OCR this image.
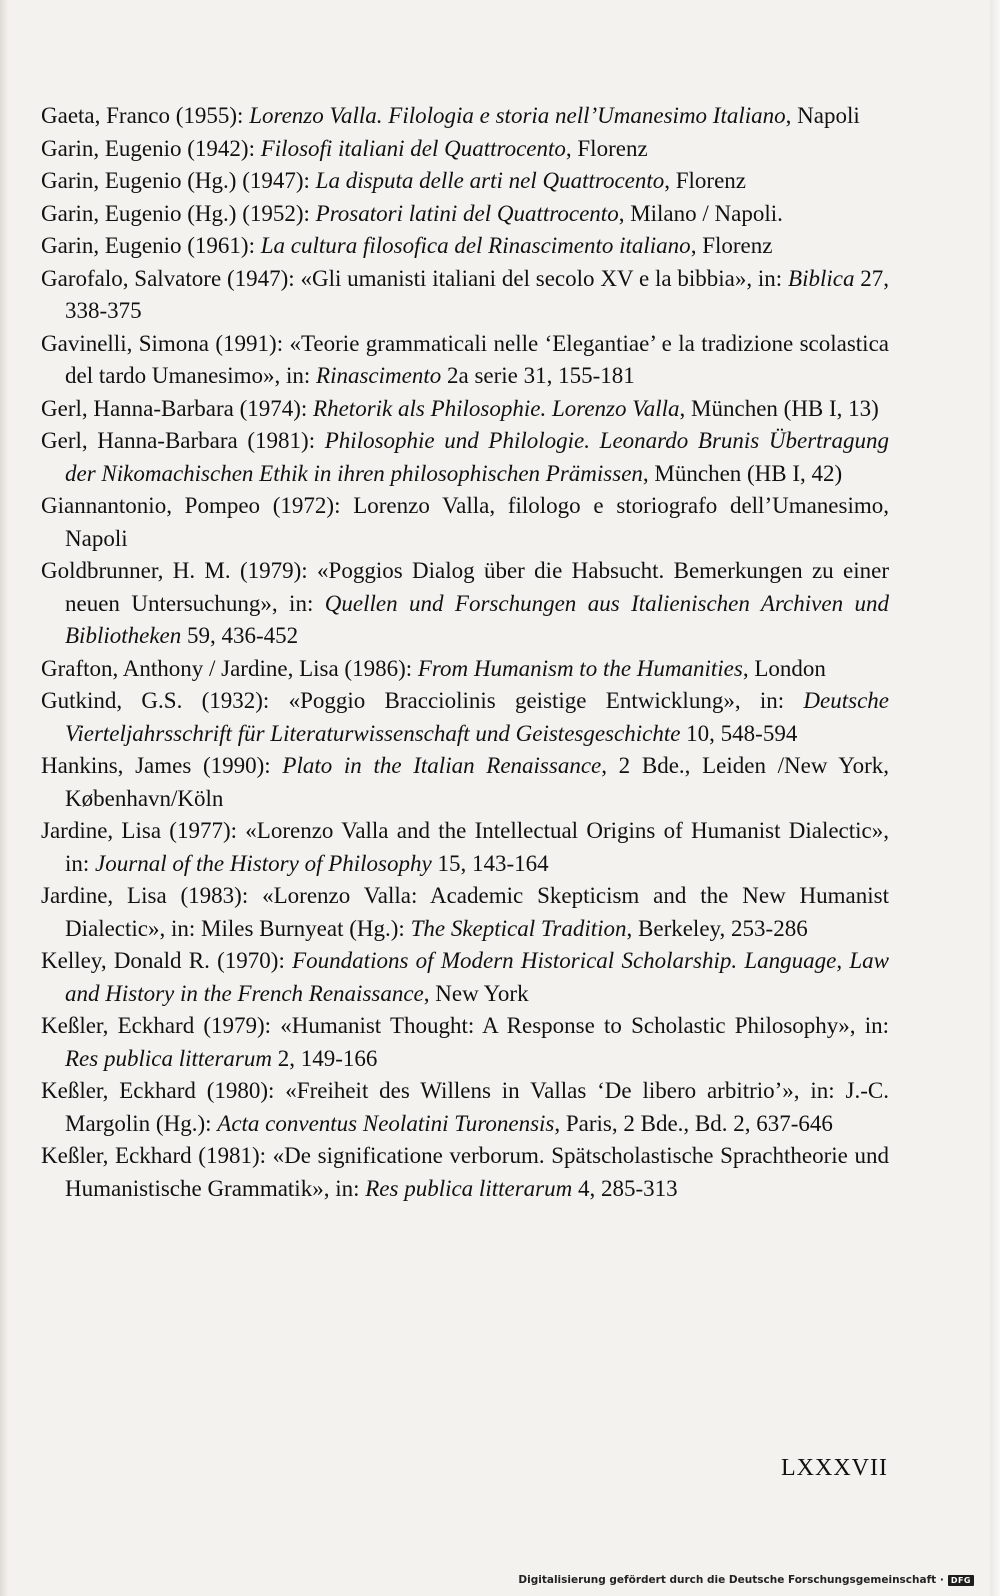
Gaeta, Franco (1955): Lorenzo Valla. Filologia e storia nell’Umanesimo Italiano, Napoli

Garin, Eugenio (1942): Filosofi italiani del Quattrocento, Florenz

Garin, Eugenio (Hg.) (1947): La disputa delle arti nel Quattrocento, Florenz

Garin, Eugenio (Hg.) (1952): Prosatori latini del Quattrocento, Milano / Napoli.

Garin, Eugenio (1961): La cultura filosofica del Rinascimento italiano, Florenz

Garofalo, Salvatore (1947): «Gli umanisti italiani del secolo XV e la bibbia», in: Biblica 27, 338-375

Gavinelli, Simona (1991): «Teorie grammaticali nelle ‘Elegantiae’ e la tradizione scolastica del tardo Umanesimo», in: Rinascimento 2a serie 31, 155-181

Gerl, Hanna-Barbara (1974): Rhetorik als Philosophie. Lorenzo Valla, München (HB I, 13)

Gerl, Hanna-Barbara (1981): Philosophie und Philologie. Leonardo Brunis Übertragung der Nikomachischen Ethik in ihren philosophischen Prämissen, München (HB I, 42)

Giannantonio, Pompeo (1972): Lorenzo Valla, filologo e storiografo dell’Umanesimo, Napoli

Goldbrunner, H. M. (1979): «Poggios Dialog über die Habsucht. Bemerkungen zu einer neuen Untersuchung», in: Quellen und Forschungen aus Italienischen Archiven und Bibliotheken 59, 436-452

Grafton, Anthony / Jardine, Lisa (1986): From Humanism to the Humanities, London

Gutkind, G.S. (1932): «Poggio Bracciolinis geistige Entwicklung», in: Deutsche Vierteljahrsschrift für Literaturwissenschaft und Geistesgeschichte 10, 548-594

Hankins, James (1990): Plato in the Italian Renaissance, 2 Bde., Leiden /New York, København/Köln

Jardine, Lisa (1977): «Lorenzo Valla and the Intellectual Origins of Humanist Dialectic», in: Journal of the History of Philosophy 15, 143-164

Jardine, Lisa (1983): «Lorenzo Valla: Academic Skepticism and the New Humanist Dialectic», in: Miles Burnyeat (Hg.): The Skeptical Tradition, Berkeley, 253-286

Kelley, Donald R. (1970): Foundations of Modern Historical Scholarship. Language, Law and History in the French Renaissance, New York

Keßler, Eckhard (1979): «Humanist Thought: A Response to Scholastic Philosophy», in: Res publica litterarum 2, 149-166

Keßler, Eckhard (1980): «Freiheit des Willens in Vallas ‘De libero arbitrio’», in: J.-C. Margolin (Hg.): Acta conventus Neolatini Turonensis, Paris, 2 Bde., Bd. 2, 637-646

Keßler, Eckhard (1981): «De significatione verborum. Spätscholastische Sprachtheorie und Humanistische Grammatik», in: Res publica litterarum 4, 285-313

LXXXVII
Digitalisierung gefördert durch die Deutsche Forschungsgemeinschaft · DFG
